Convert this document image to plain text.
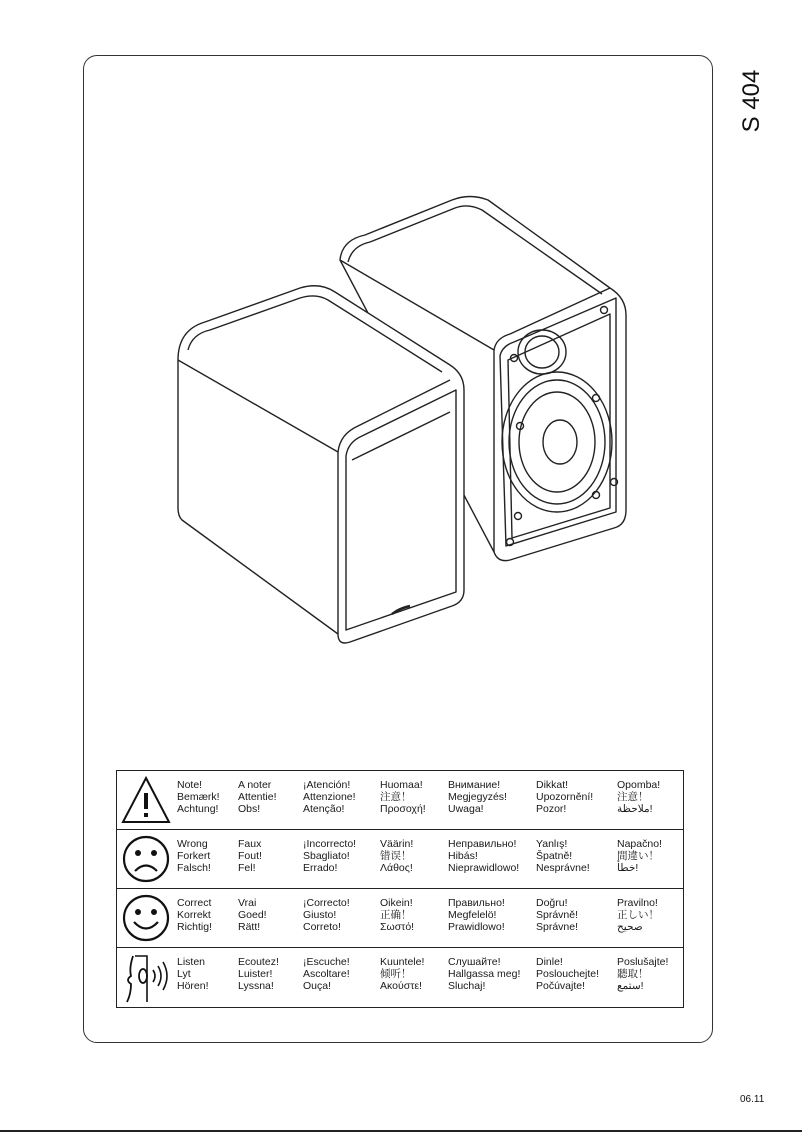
S 404
Note!
Bemærk!
Achtung!
A noter
Attentie!
Obs!
¡Atención!
Attenzione!
Atenção!
Huomaa!
注意！
Προσοχή!
Внимание!
Megjegyzés!
Uwaga!
Dikkat!
Upozornění!
Pozor!
Opomba!
注意！
ملاحظة!
Wrong
Forkert
Falsch!
Faux
Fout!
Fel!
¡Incorrecto!
Sbagliato!
Errado!
Väärin!
错误！
Λάθος!
Неправильно!
Hibás!
Nieprawidlowo!
Yanlış!
Špatně!
Nesprávne!
Napačno!
間違い！
خطأ!
Correct
Korrekt
Richtig!
Vrai
Goed!
Rätt!
¡Correcto!
Giusto!
Correto!
Oikein!
正确！
Σωστό!
Правильно!
Megfelelö!
Prawidlowo!
Doğru!
Správně!
Správne!
Pravilno!
正しい！
صحيح
Listen
Lyt
Hören!
Ecoutez!
Luister!
Lyssna!
¡Escuche!
Ascoltare!
Ouça!
Kuuntele!
倾听！
Ακούστε!
Слушайте!
Hallgassa meg!
Sluchaj!
Dinle!
Poslouchejte!
Počúvajte!
Poslušajte!
聽取！
ستمع!
06.11
